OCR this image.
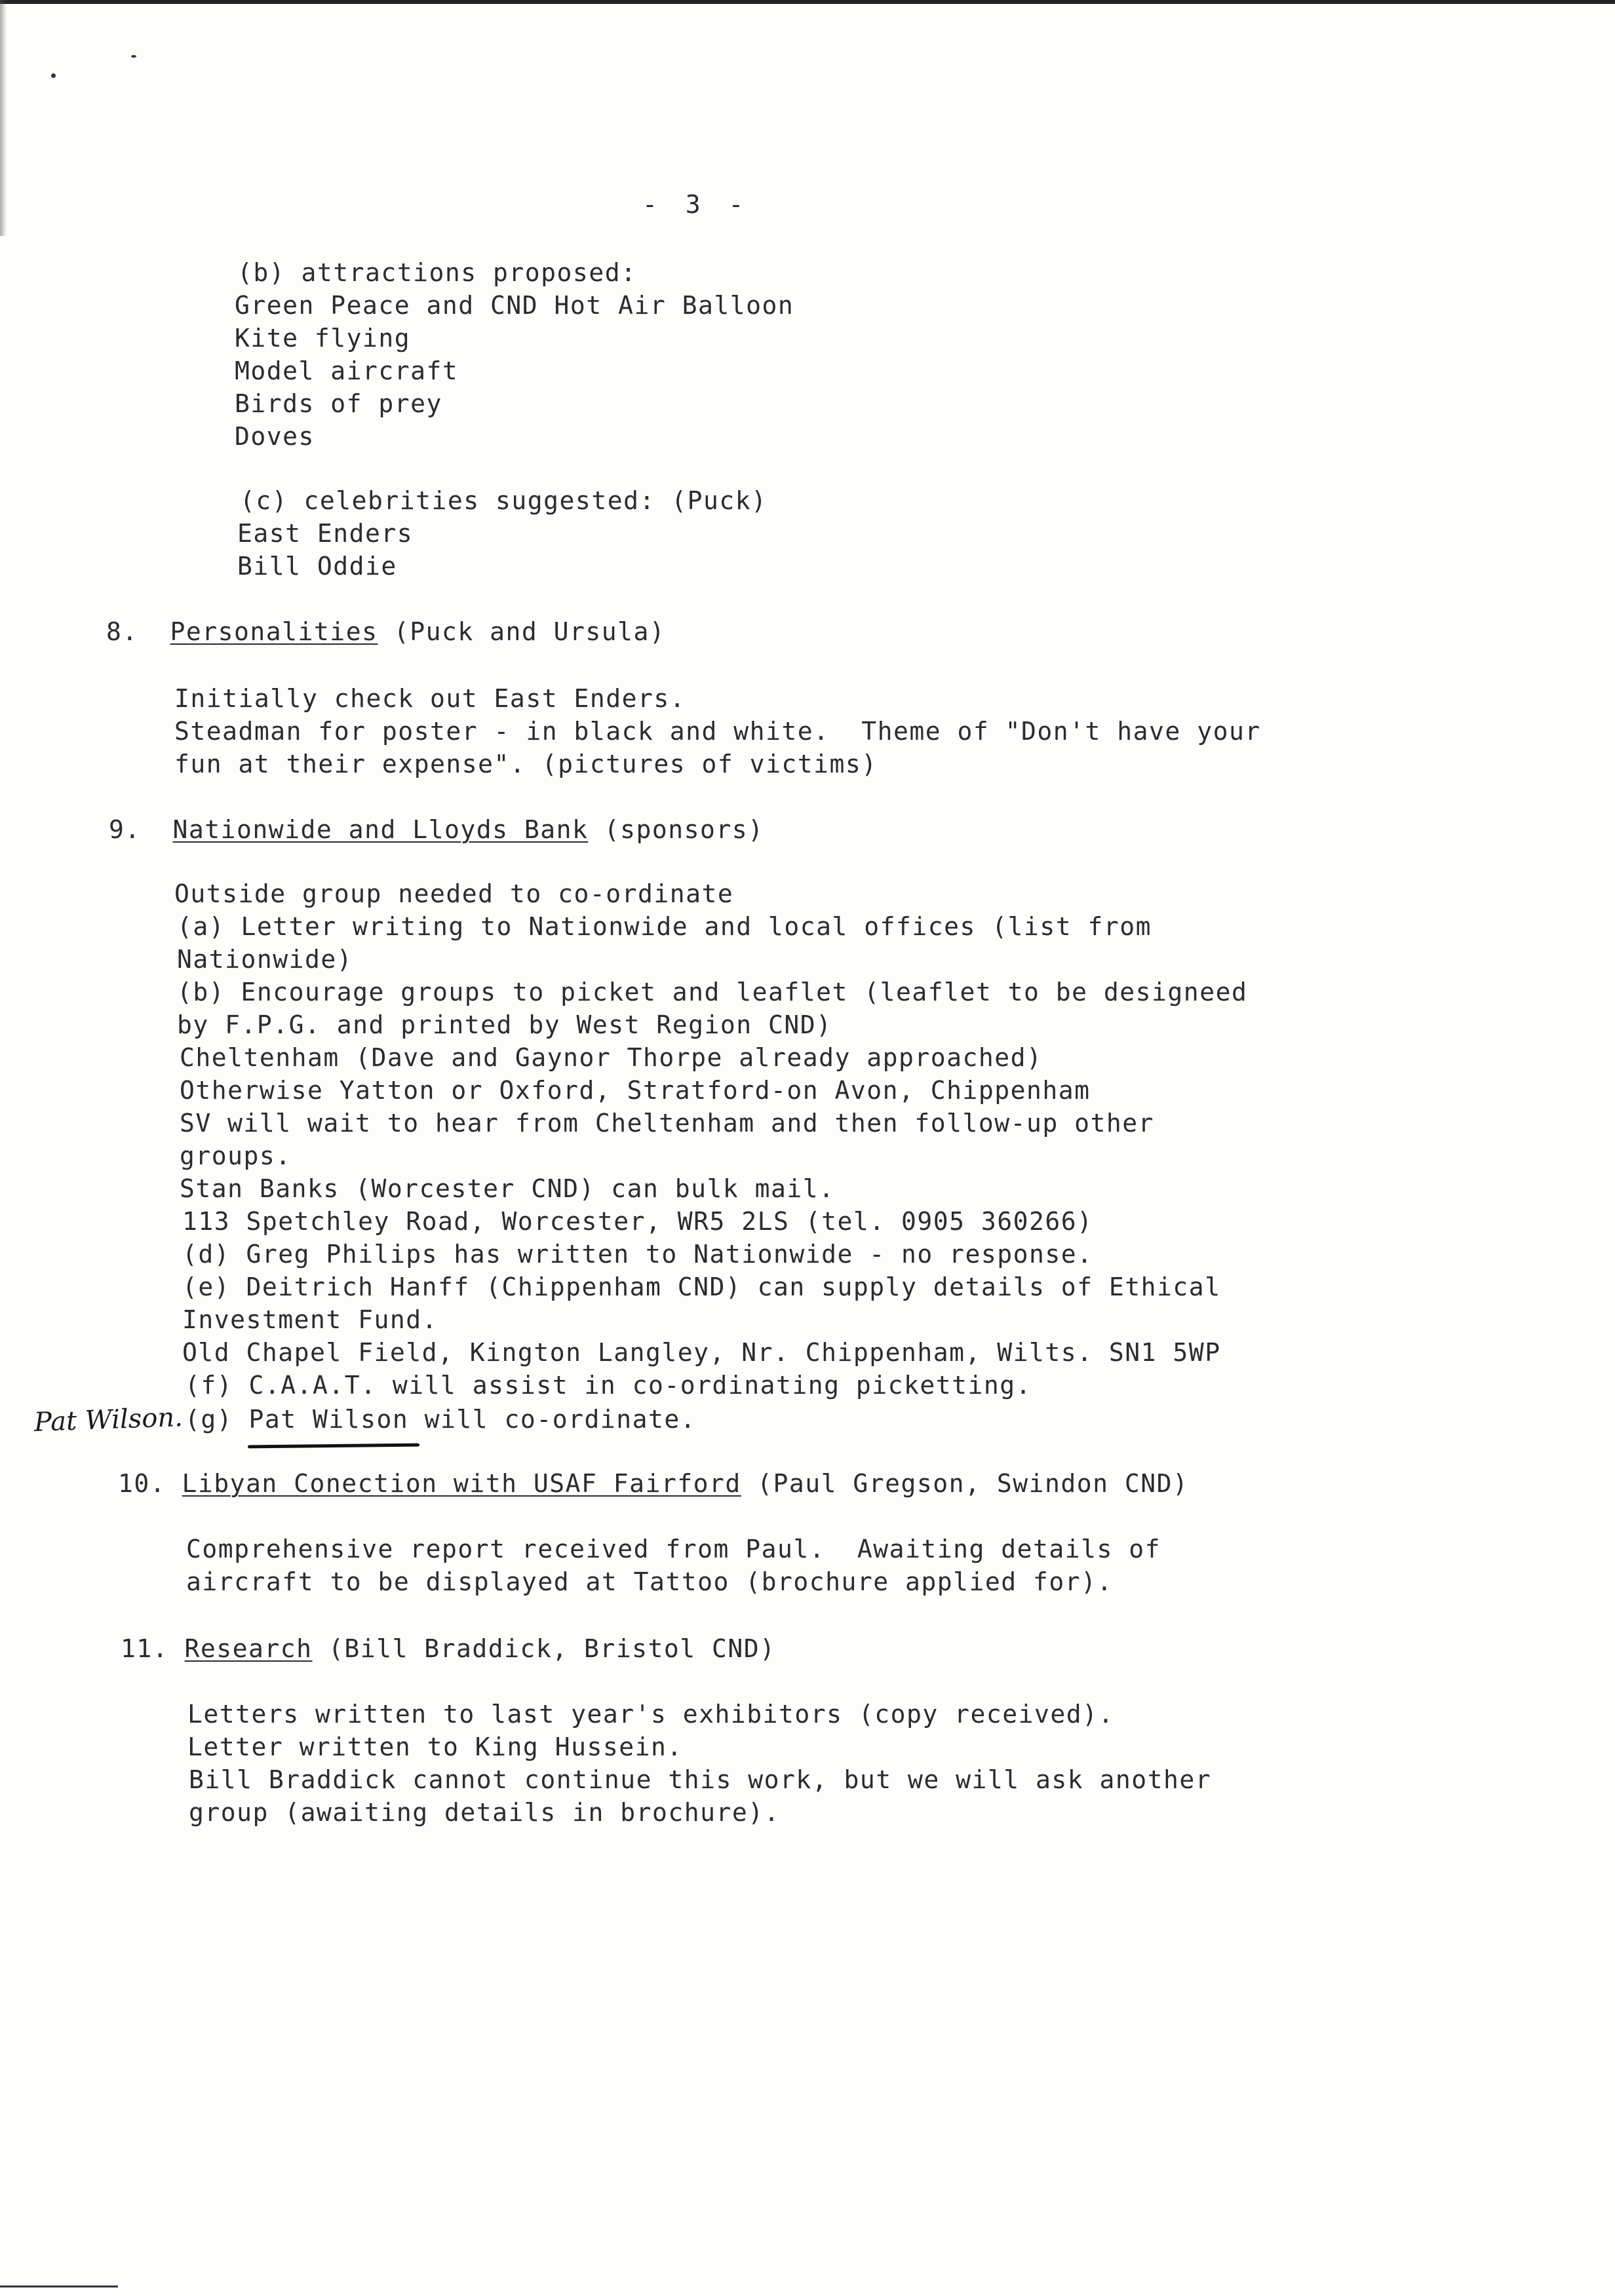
- 3 -
(b) attractions proposed:
Green Peace and CND Hot Air Balloon
Kite flying
Model aircraft
Birds of prey
Doves
(c) celebrities suggested: (Puck)
East Enders
Bill Oddie
8. Personalities (Puck and Ursula)
Initially check out East Enders.
Steadman for poster - in black and white.  Theme of "Don't have your
fun at their expense". (pictures of victims)
9. Nationwide and Lloyds Bank (sponsors)
Outside group needed to co-ordinate
(a) Letter writing to Nationwide and local offices (list from
Nationwide)
(b) Encourage groups to picket and leaflet (leaflet to be designeed
by F.P.G. and printed by West Region CND)
Cheltenham (Dave and Gaynor Thorpe already approached)
Otherwise Yatton or Oxford, Stratford-on Avon, Chippenham
SV will wait to hear from Cheltenham and then follow-up other
groups.
Stan Banks (Worcester CND) can bulk mail.
113 Spetchley Road, Worcester, WR5 2LS (tel. 0905 360266)
(d) Greg Philips has written to Nationwide - no response.
(e) Deitrich Hanff (Chippenham CND) can supply details of Ethical
Investment Fund.
Old Chapel Field, Kington Langley, Nr. Chippenham, Wilts. SN1 5WP
(f) C.A.A.T. will assist in co-ordinating picketting.
(g) Pat Wilson will co-ordinate.
Pat Wilson.
10. Libyan Conection with USAF Fairford (Paul Gregson, Swindon CND)
Comprehensive report received from Paul.  Awaiting details of
aircraft to be displayed at Tattoo (brochure applied for).
11. Research (Bill Braddick, Bristol CND)
Letters written to last year's exhibitors (copy received).
Letter written to King Hussein.
Bill Braddick cannot continue this work, but we will ask another
group (awaiting details in brochure).
